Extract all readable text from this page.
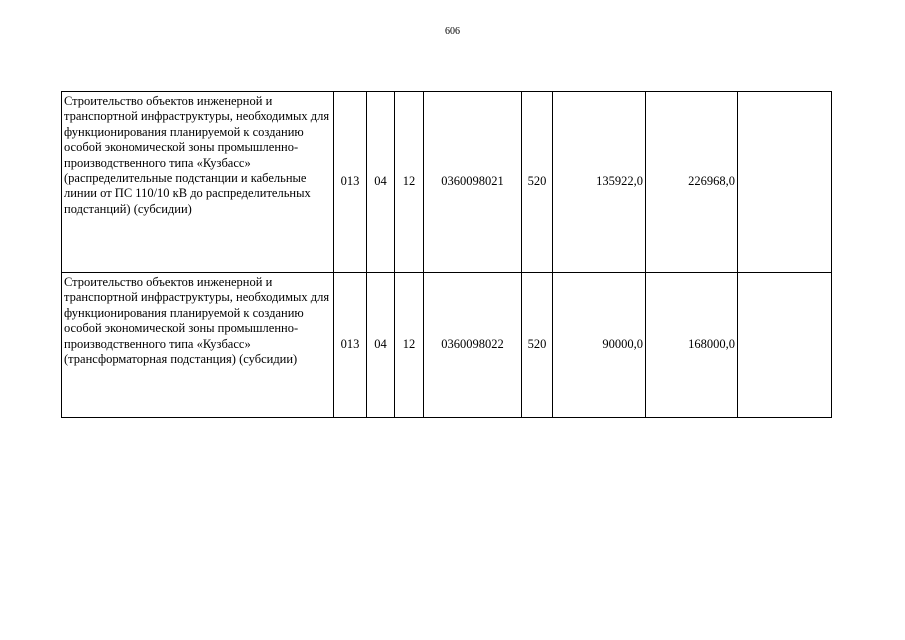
606
Строительство объектов инженерной и транспортной инфраструктуры, необходимых для функционирования планируемой к созданию особой экономической зоны промышленно-производственного типа «Кузбасс» (распределительные подстанции и кабельные линии от ПС 110/10 кВ до распределительных подстанций) (субсидии)	013	04	12	0360098021	520	135922,0	226968,0	
Строительство объектов инженерной и транспортной инфраструктуры, необходимых для функционирования планируемой к созданию особой экономической зоны промышленно-производственного типа «Кузбасс» (трансформаторная подстанция) (субсидии)	013	04	12	0360098022	520	90000,0	168000,0	
